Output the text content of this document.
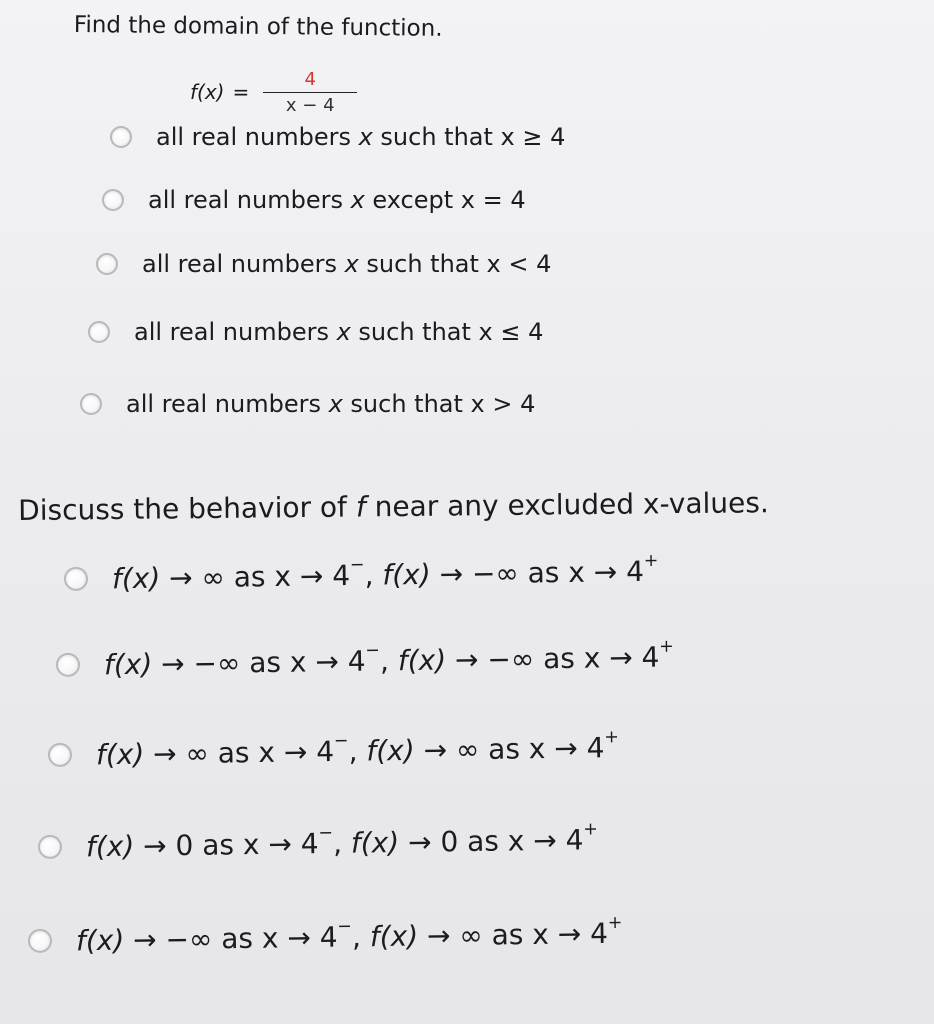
Find the domain of the function.
$f(x) = \frac{4}{x - 4}$
all real numbers x such that x ≥ 4
all real numbers x except x = 4
all real numbers x such that x < 4
all real numbers x such that x ≤ 4
all real numbers x such that x > 4
Discuss the behavior of f near any excluded x-values.
f(x) → ∞ as x → 4−, f(x) → −∞ as x → 4+
f(x) → −∞ as x → 4−, f(x) → −∞ as x → 4+
f(x) → ∞ as x → 4−, f(x) → ∞ as x → 4+
f(x) → 0 as x → 4−, f(x) → 0 as x → 4+
f(x) → −∞ as x → 4−, f(x) → ∞ as x → 4+
